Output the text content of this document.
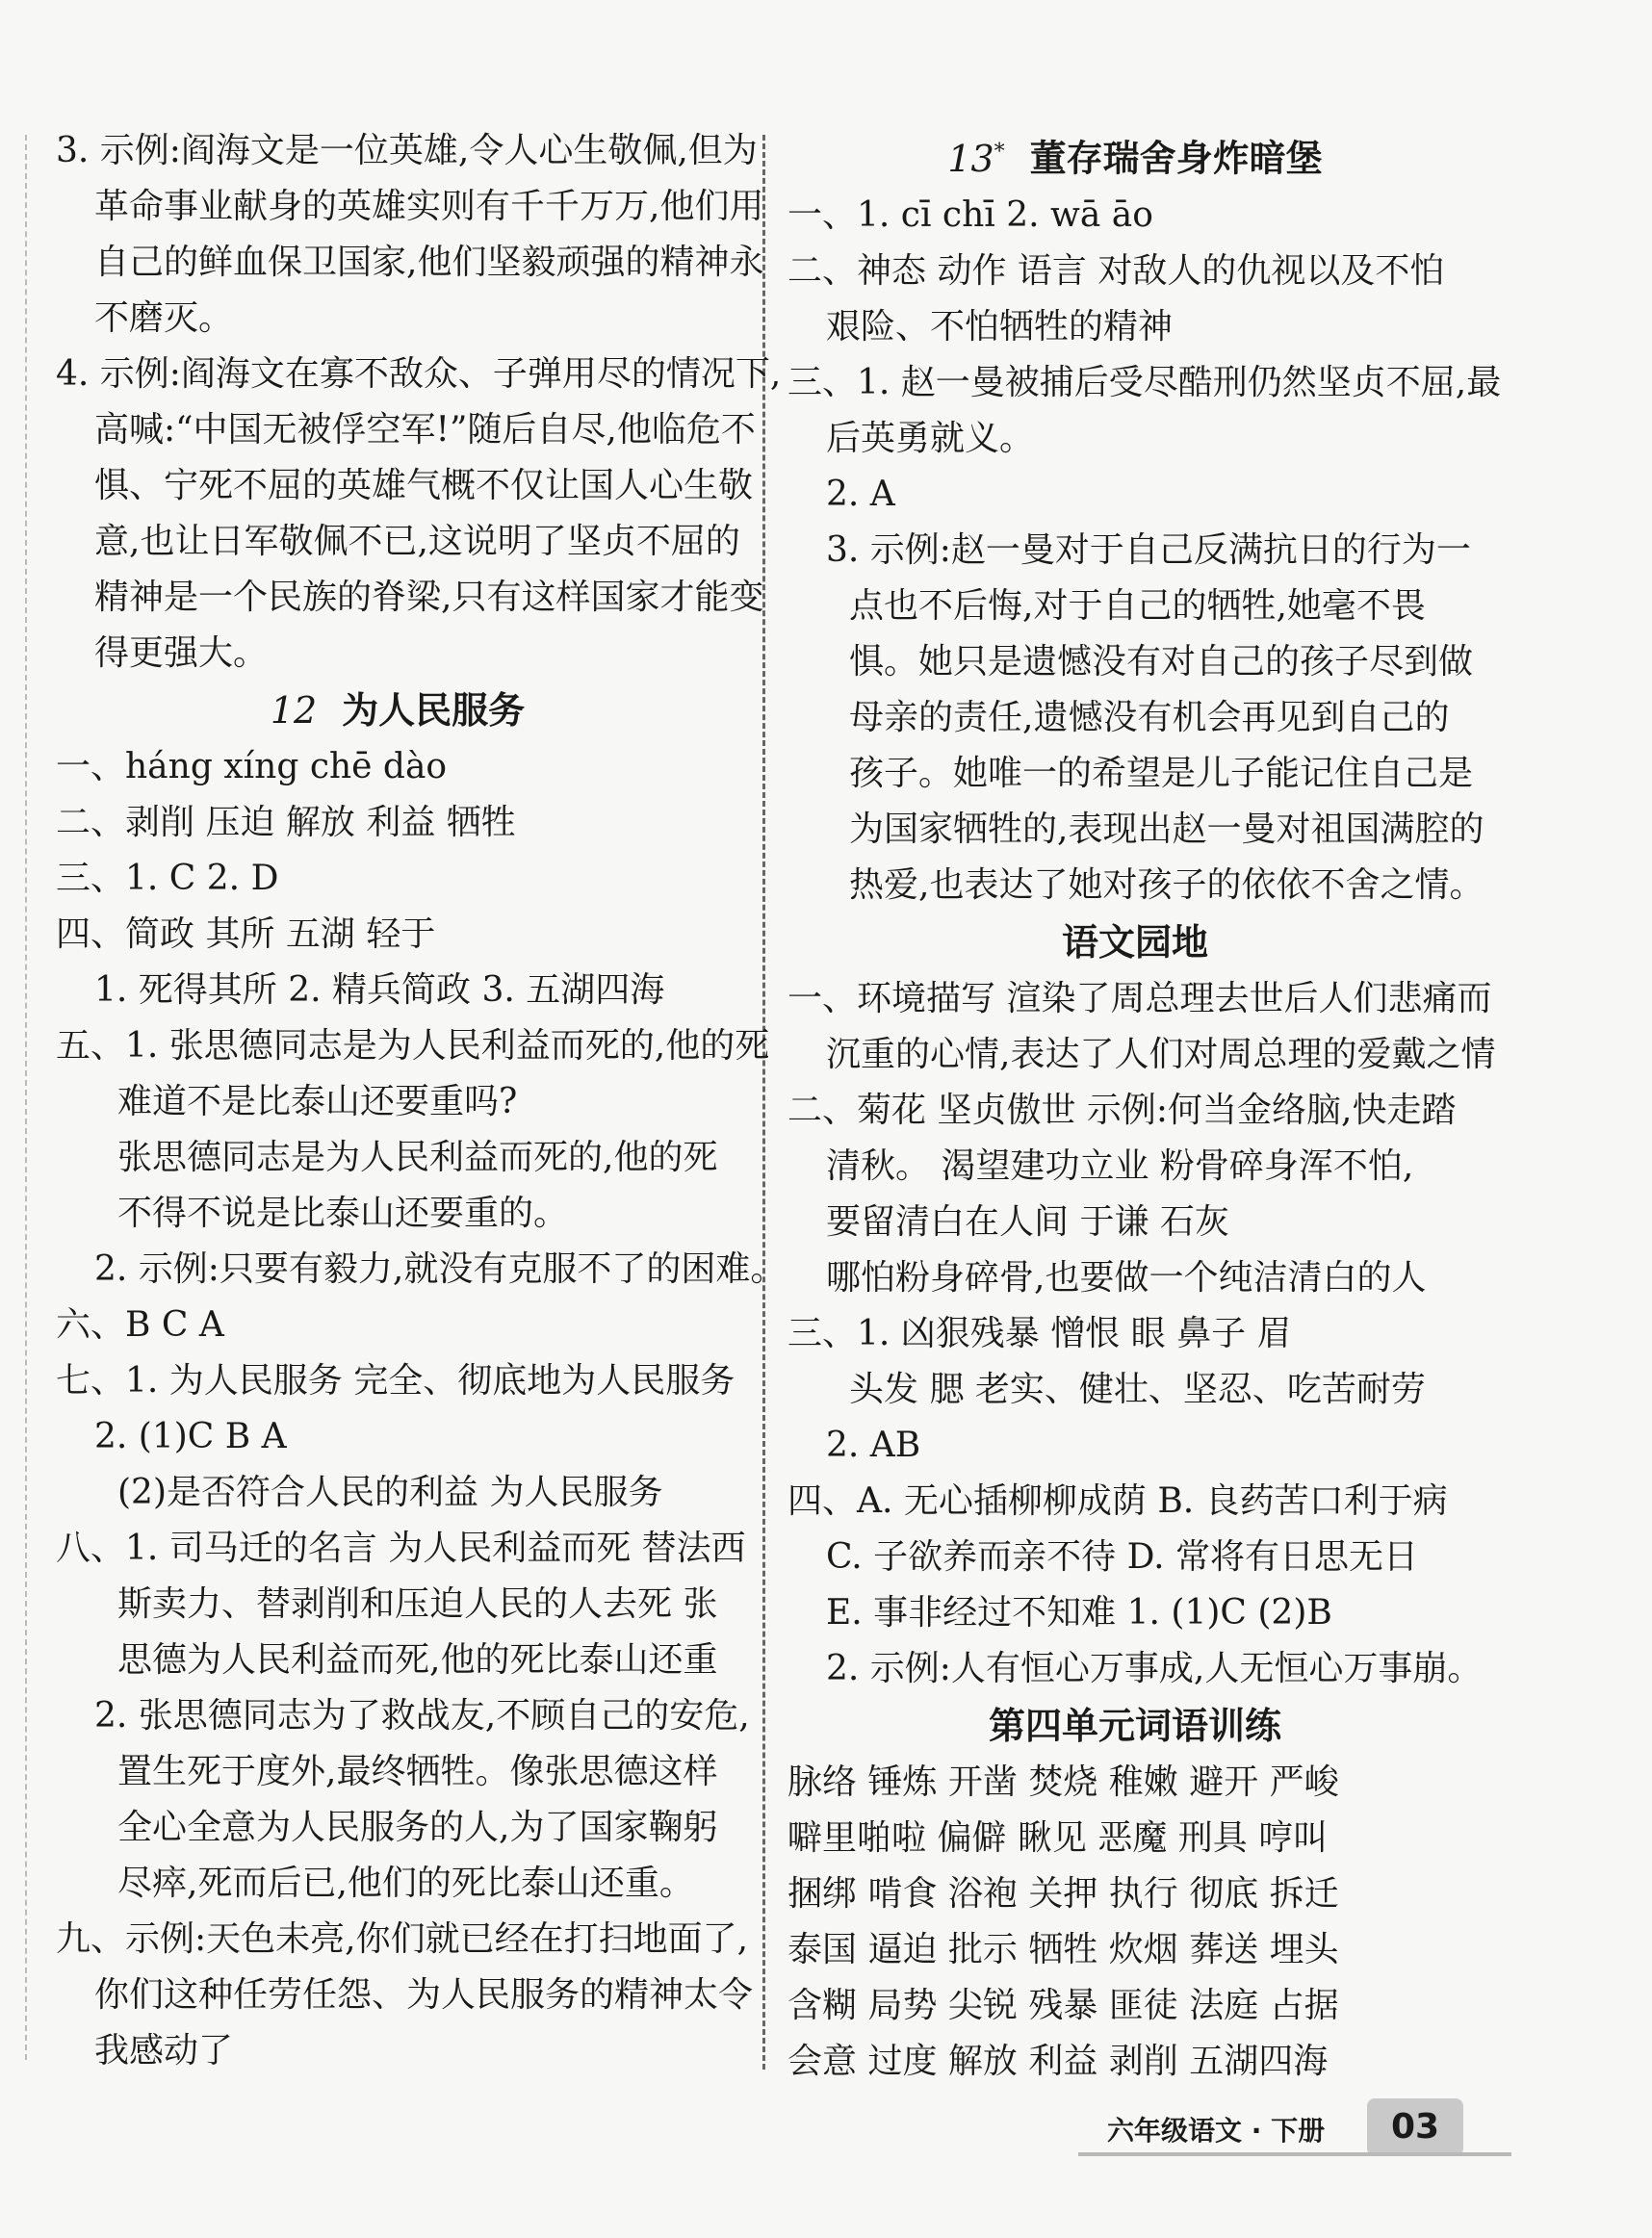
3. 示例:阎海文是一位英雄,令人心生敬佩,但为
革命事业献身的英雄实则有千千万万,他们用
自己的鲜血保卫国家,他们坚毅顽强的精神永
不磨灭。
4. 示例:阎海文在寡不敌众、子弹用尽的情况下,
高喊:“中国无被俘空军!”随后自尽,他临危不
惧、宁死不屈的英雄气概不仅让国人心生敬
意,也让日军敬佩不已,这说明了坚贞不屈的
精神是一个民族的脊梁,只有这样国家才能变
得更强大。
12 为人民服务
一、háng xíng chē dào
二、剥削 压迫 解放 利益 牺牲
三、1. C 2. D
四、简政 其所 五湖 轻于
1. 死得其所 2. 精兵简政 3. 五湖四海
五、1. 张思德同志是为人民利益而死的,他的死
难道不是比泰山还要重吗?
张思德同志是为人民利益而死的,他的死
不得不说是比泰山还要重的。
2. 示例:只要有毅力,就没有克服不了的困难。
六、B C A
七、1. 为人民服务 完全、彻底地为人民服务
2. (1)C B A
(2)是否符合人民的利益 为人民服务
八、1. 司马迁的名言 为人民利益而死 替法西
斯卖力、替剥削和压迫人民的人去死 张
思德为人民利益而死,他的死比泰山还重
2. 张思德同志为了救战友,不顾自己的安危,
置生死于度外,最终牺牲。像张思德这样
全心全意为人民服务的人,为了国家鞠躬
尽瘁,死而后已,他们的死比泰山还重。
九、示例:天色未亮,你们就已经在打扫地面了,
你们这种任劳任怨、为人民服务的精神太令
我感动了
13* 董存瑞舍身炸暗堡
一、1. cī chī 2. wā āo
二、神态 动作 语言 对敌人的仇视以及不怕
艰险、不怕牺牲的精神
三、1. 赵一曼被捕后受尽酷刑仍然坚贞不屈,最
后英勇就义。
2. A
3. 示例:赵一曼对于自己反满抗日的行为一
点也不后悔,对于自己的牺牲,她毫不畏
惧。她只是遗憾没有对自己的孩子尽到做
母亲的责任,遗憾没有机会再见到自己的
孩子。她唯一的希望是儿子能记住自己是
为国家牺牲的,表现出赵一曼对祖国满腔的
热爱,也表达了她对孩子的依依不舍之情。
语文园地
一、环境描写 渲染了周总理去世后人们悲痛而
沉重的心情,表达了人们对周总理的爱戴之情
二、菊花 坚贞傲世 示例:何当金络脑,快走踏
清秋。 渴望建功立业 粉骨碎身浑不怕,
要留清白在人间 于谦 石灰
哪怕粉身碎骨,也要做一个纯洁清白的人
三、1. 凶狠残暴 憎恨 眼 鼻子 眉
头发 腮 老实、健壮、坚忍、吃苦耐劳
2. AB
四、A. 无心插柳柳成荫 B. 良药苦口利于病
C. 子欲养而亲不待 D. 常将有日思无日
E. 事非经过不知难 1. (1)C (2)B
2. 示例:人有恒心万事成,人无恒心万事崩。
第四单元词语训练
脉络 锤炼 开凿 焚烧 稚嫩 避开 严峻
噼里啪啦 偏僻 瞅见 恶魔 刑具 哼叫
捆绑 啃食 浴袍 关押 执行 彻底 拆迁
泰国 逼迫 批示 牺牲 炊烟 葬送 埋头
含糊 局势 尖锐 残暴 匪徒 法庭 占据
会意 过度 解放 利益 剥削 五湖四海
六年级语文 · 下册	03
